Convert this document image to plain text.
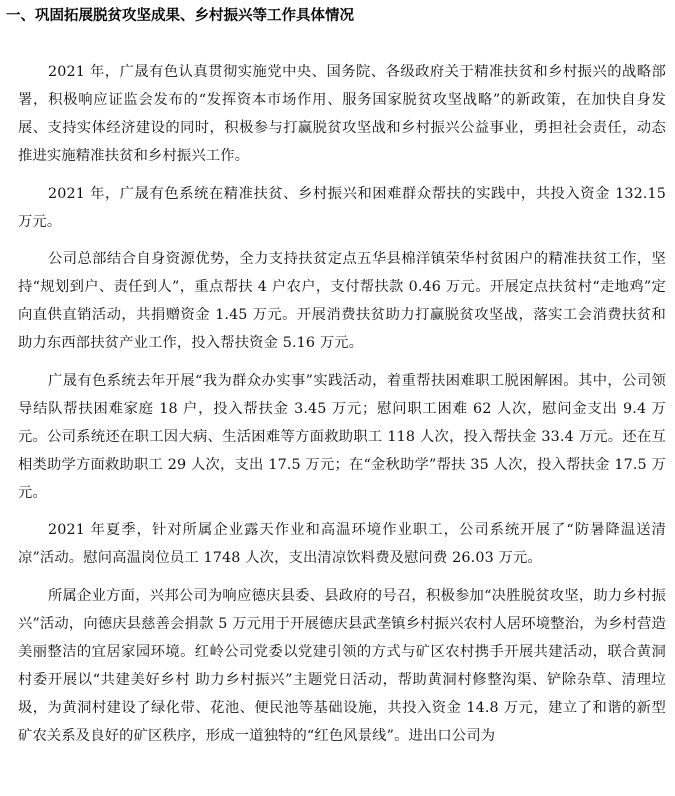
一、巩固拓展脱贫攻坚成果、乡村振兴等工作具体情况

2021 年，广晟有色认真贯彻实施党中央、国务院、各级政府关于精准扶贫和乡村振兴的战略部署，积极响应证监会发布的“发挥资本市场作用、服务国家脱贫攻坚战略”的新政策，在加快自身发展、支持实体经济建设的同时，积极参与打赢脱贫攻坚战和乡村振兴公益事业，勇担社会责任，动态推进实施精准扶贫和乡村振兴工作。

2021 年，广晟有色系统在精准扶贫、乡村振兴和困难群众帮扶的实践中，共投入资金 132.15 万元。

公司总部结合自身资源优势，全力支持扶贫定点五华县棉洋镇荣华村贫困户的精准扶贫工作，坚持“规划到户、责任到人”，重点帮扶 4 户农户，支付帮扶款 0.46 万元。开展定点扶贫村“走地鸡”定向直供直销活动，共捐赠资金 1.45 万元。开展消费扶贫助力打赢脱贫攻坚战，落实工会消费扶贫和助力东西部扶贫产业工作，投入帮扶资金 5.16 万元。

广晟有色系统去年开展“我为群众办实事”实践活动，着重帮扶困难职工脱困解困。其中，公司领导结队帮扶困难家庭 18 户，投入帮扶金 3.45 万元；慰问职工困难 62 人次，慰问金支出 9.4 万元。公司系统还在职工因大病、生活困难等方面救助职工 118 人次，投入帮扶金 33.4 万元。还在互相类助学方面救助职工 29 人次，支出 17.5 万元；在“金秋助学”帮扶 35 人次，投入帮扶金 17.5 万元。

2021 年夏季，针对所属企业露天作业和高温环境作业职工，公司系统开展了“防暑降温送清凉”活动。慰问高温岗位员工 1748 人次，支出清凉饮料费及慰问费 26.03 万元。

所属企业方面，兴邦公司为响应德庆县委、县政府的号召，积极参加“决胜脱贫攻坚，助力乡村振兴”活动，向德庆县慈善会捐款 5 万元用于开展德庆县武垄镇乡村振兴农村人居环境整治，为乡村营造美丽整洁的宜居家园环境。红岭公司党委以党建引领的方式与矿区农村携手开展共建活动，联合黄洞村委开展以“共建美好乡村 助力乡村振兴”主题党日活动，帮助黄洞村修整沟渠、铲除杂草、清理垃圾，为黄洞村建设了绿化带、花池、便民池等基础设施，共投入资金 14.8 万元，建立了和谐的新型矿农关系及良好的矿区秩序，形成一道独特的“红色风景线”。进出口公司为
